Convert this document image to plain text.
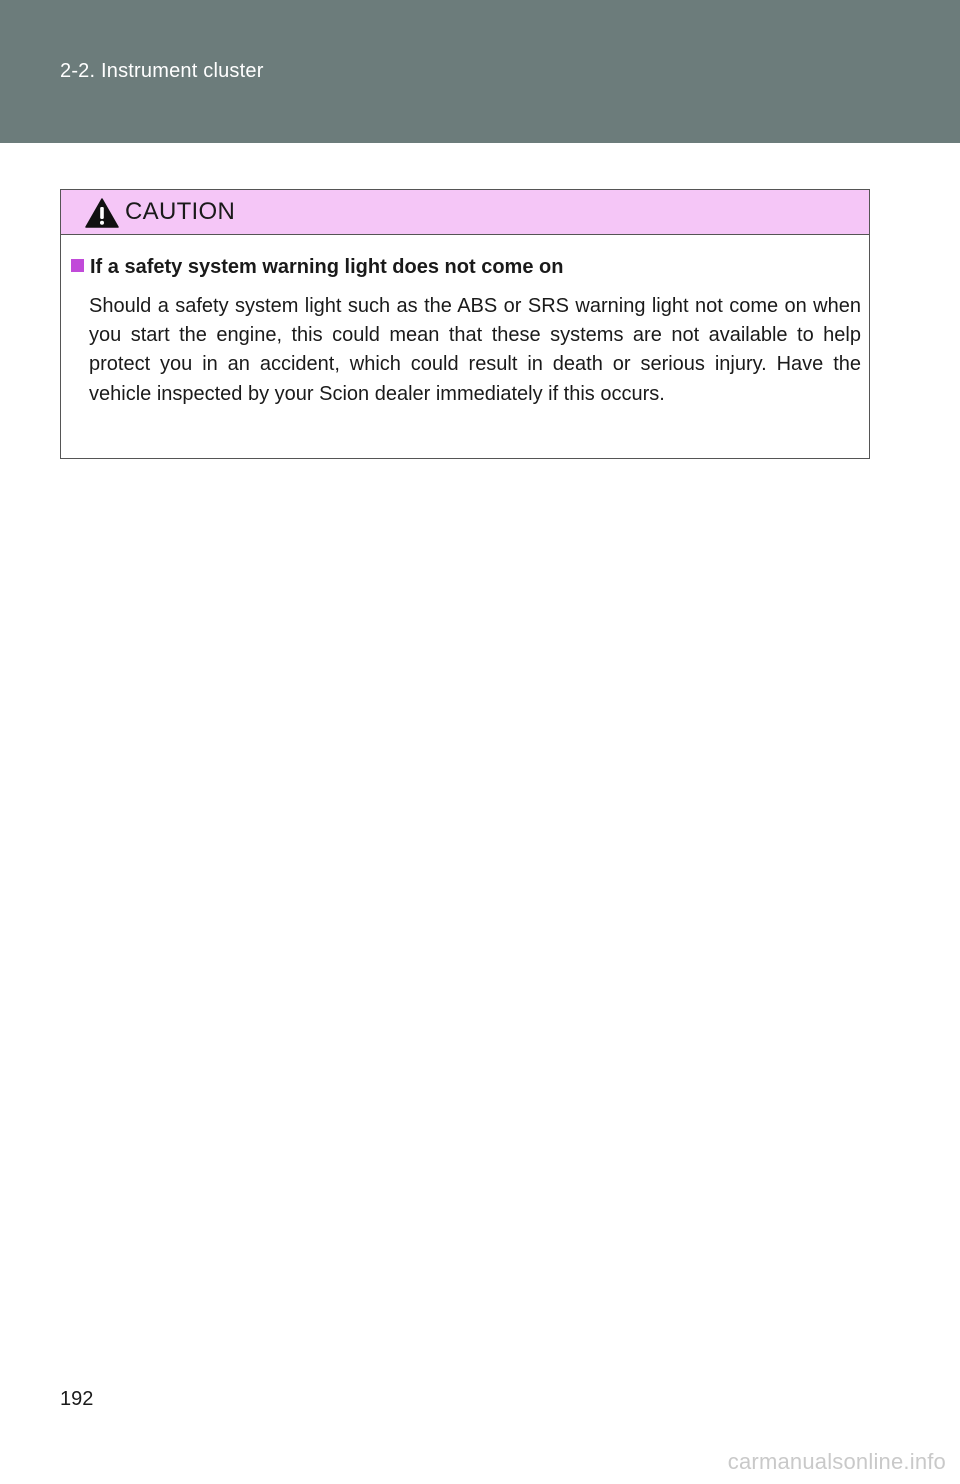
2-2. Instrument cluster
CAUTION
If a safety system warning light does not come on

Should a safety system light such as the ABS or SRS warning light not come on when you start the engine, this could mean that these systems are not available to help protect you in an accident, which could result in death or serious injury. Have the vehicle inspected by your Scion dealer immediately if this occurs.

192
carmanualsonline.info
